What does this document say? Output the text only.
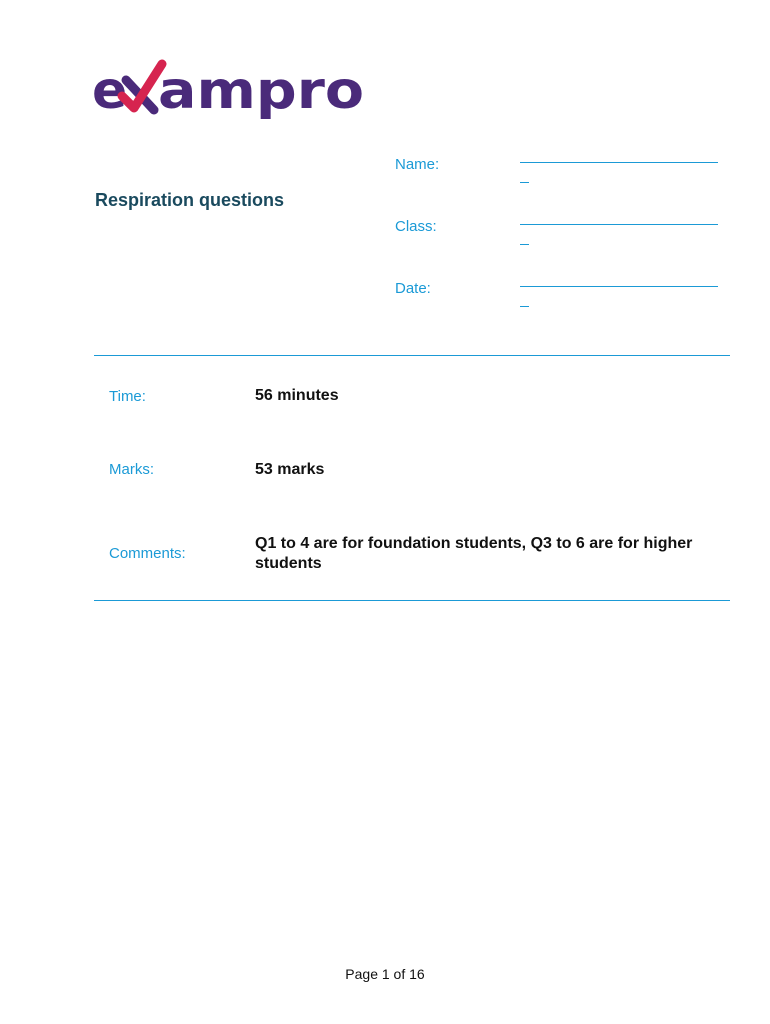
e ampro
Respiration questions
Name:
Class:
Date:
Time:	56 minutes
Marks:	53 marks
Comments:
Q1 to 4 are for foundation students, Q3 to 6 are for higher students
Page 1 of 16
